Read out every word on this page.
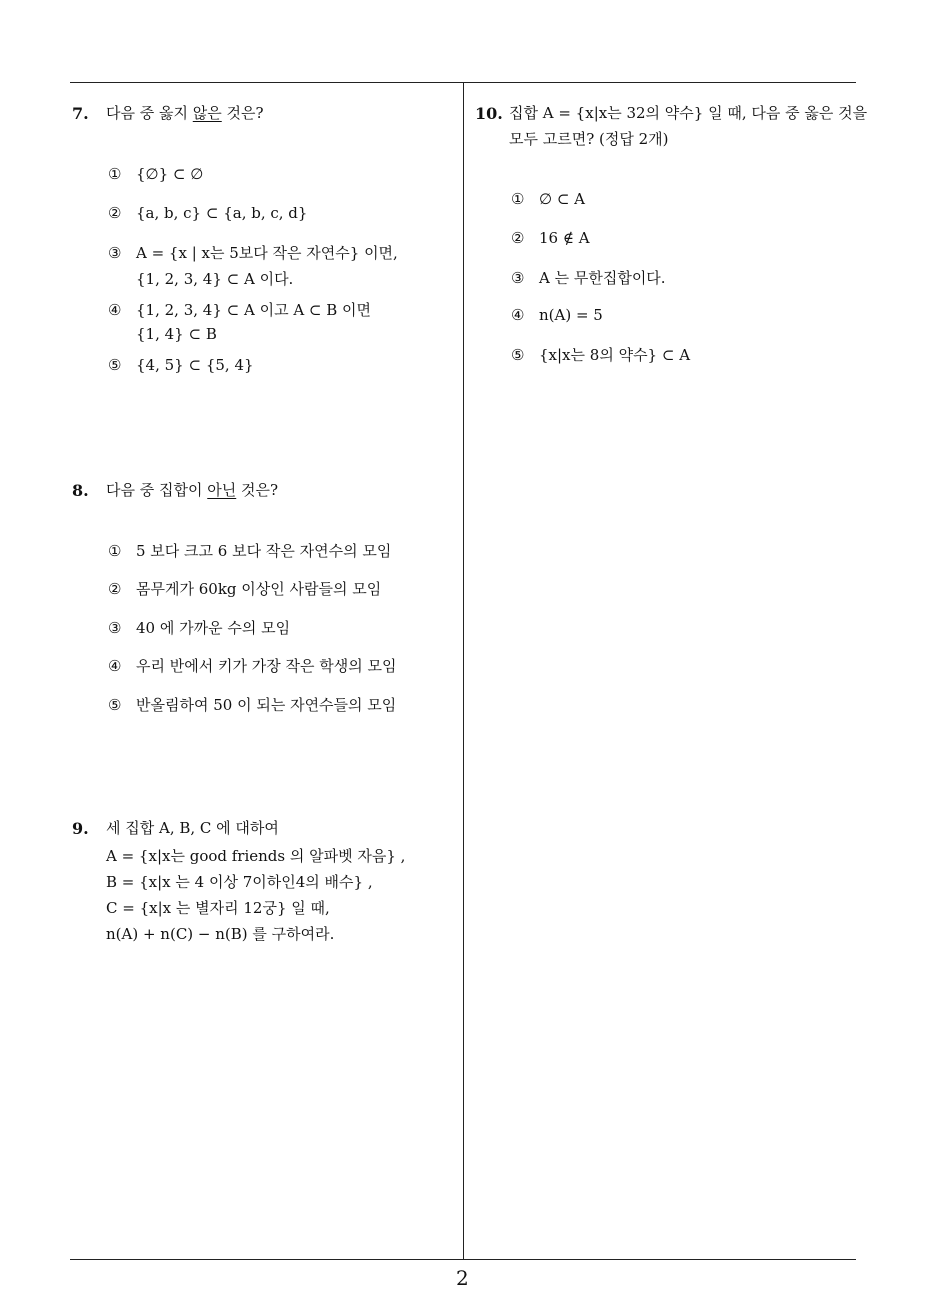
7. 다음 중 옳지 않은 것은?
① {∅} ⊂ ∅
② {a, b, c} ⊂ {a, b, c, d}
③ A = {x | x는 5보다 작은 자연수} 이면,
{1, 2, 3, 4} ⊂ A 이다.
④ {1, 2, 3, 4} ⊂ A 이고 A ⊂ B 이면
{1, 4} ⊂ B
⑤ {4, 5} ⊂ {5, 4}
8. 다음 중 집합이 아닌 것은?
① 5 보다 크고 6 보다 작은 자연수의 모임
② 몸무게가 60kg 이상인 사람들의 모임
③ 40 에 가까운 수의 모임
④ 우리 반에서 키가 가장 작은 학생의 모임
⑤ 반올림하여 50 이 되는 자연수들의 모임
9. 세 집합 A, B, C 에 대하여
A = {x|x는 good friends 의 알파벳 자음} ,
B = {x|x 는 4 이상 7이하인4의 배수} ,
C = {x|x 는 별자리 12궁} 일 때,
n(A) + n(C) − n(B) 를 구하여라.
10. 집합 A = {x|x는 32의 약수} 일 때, 다음 중 옳은 것을
모두 고르면? (정답 2개)
① ∅ ⊂ A
② 16 ∉ A
③ A 는 무한집합이다.
④ n(A) = 5
⑤ {x|x는 8의 약수} ⊂ A
2
